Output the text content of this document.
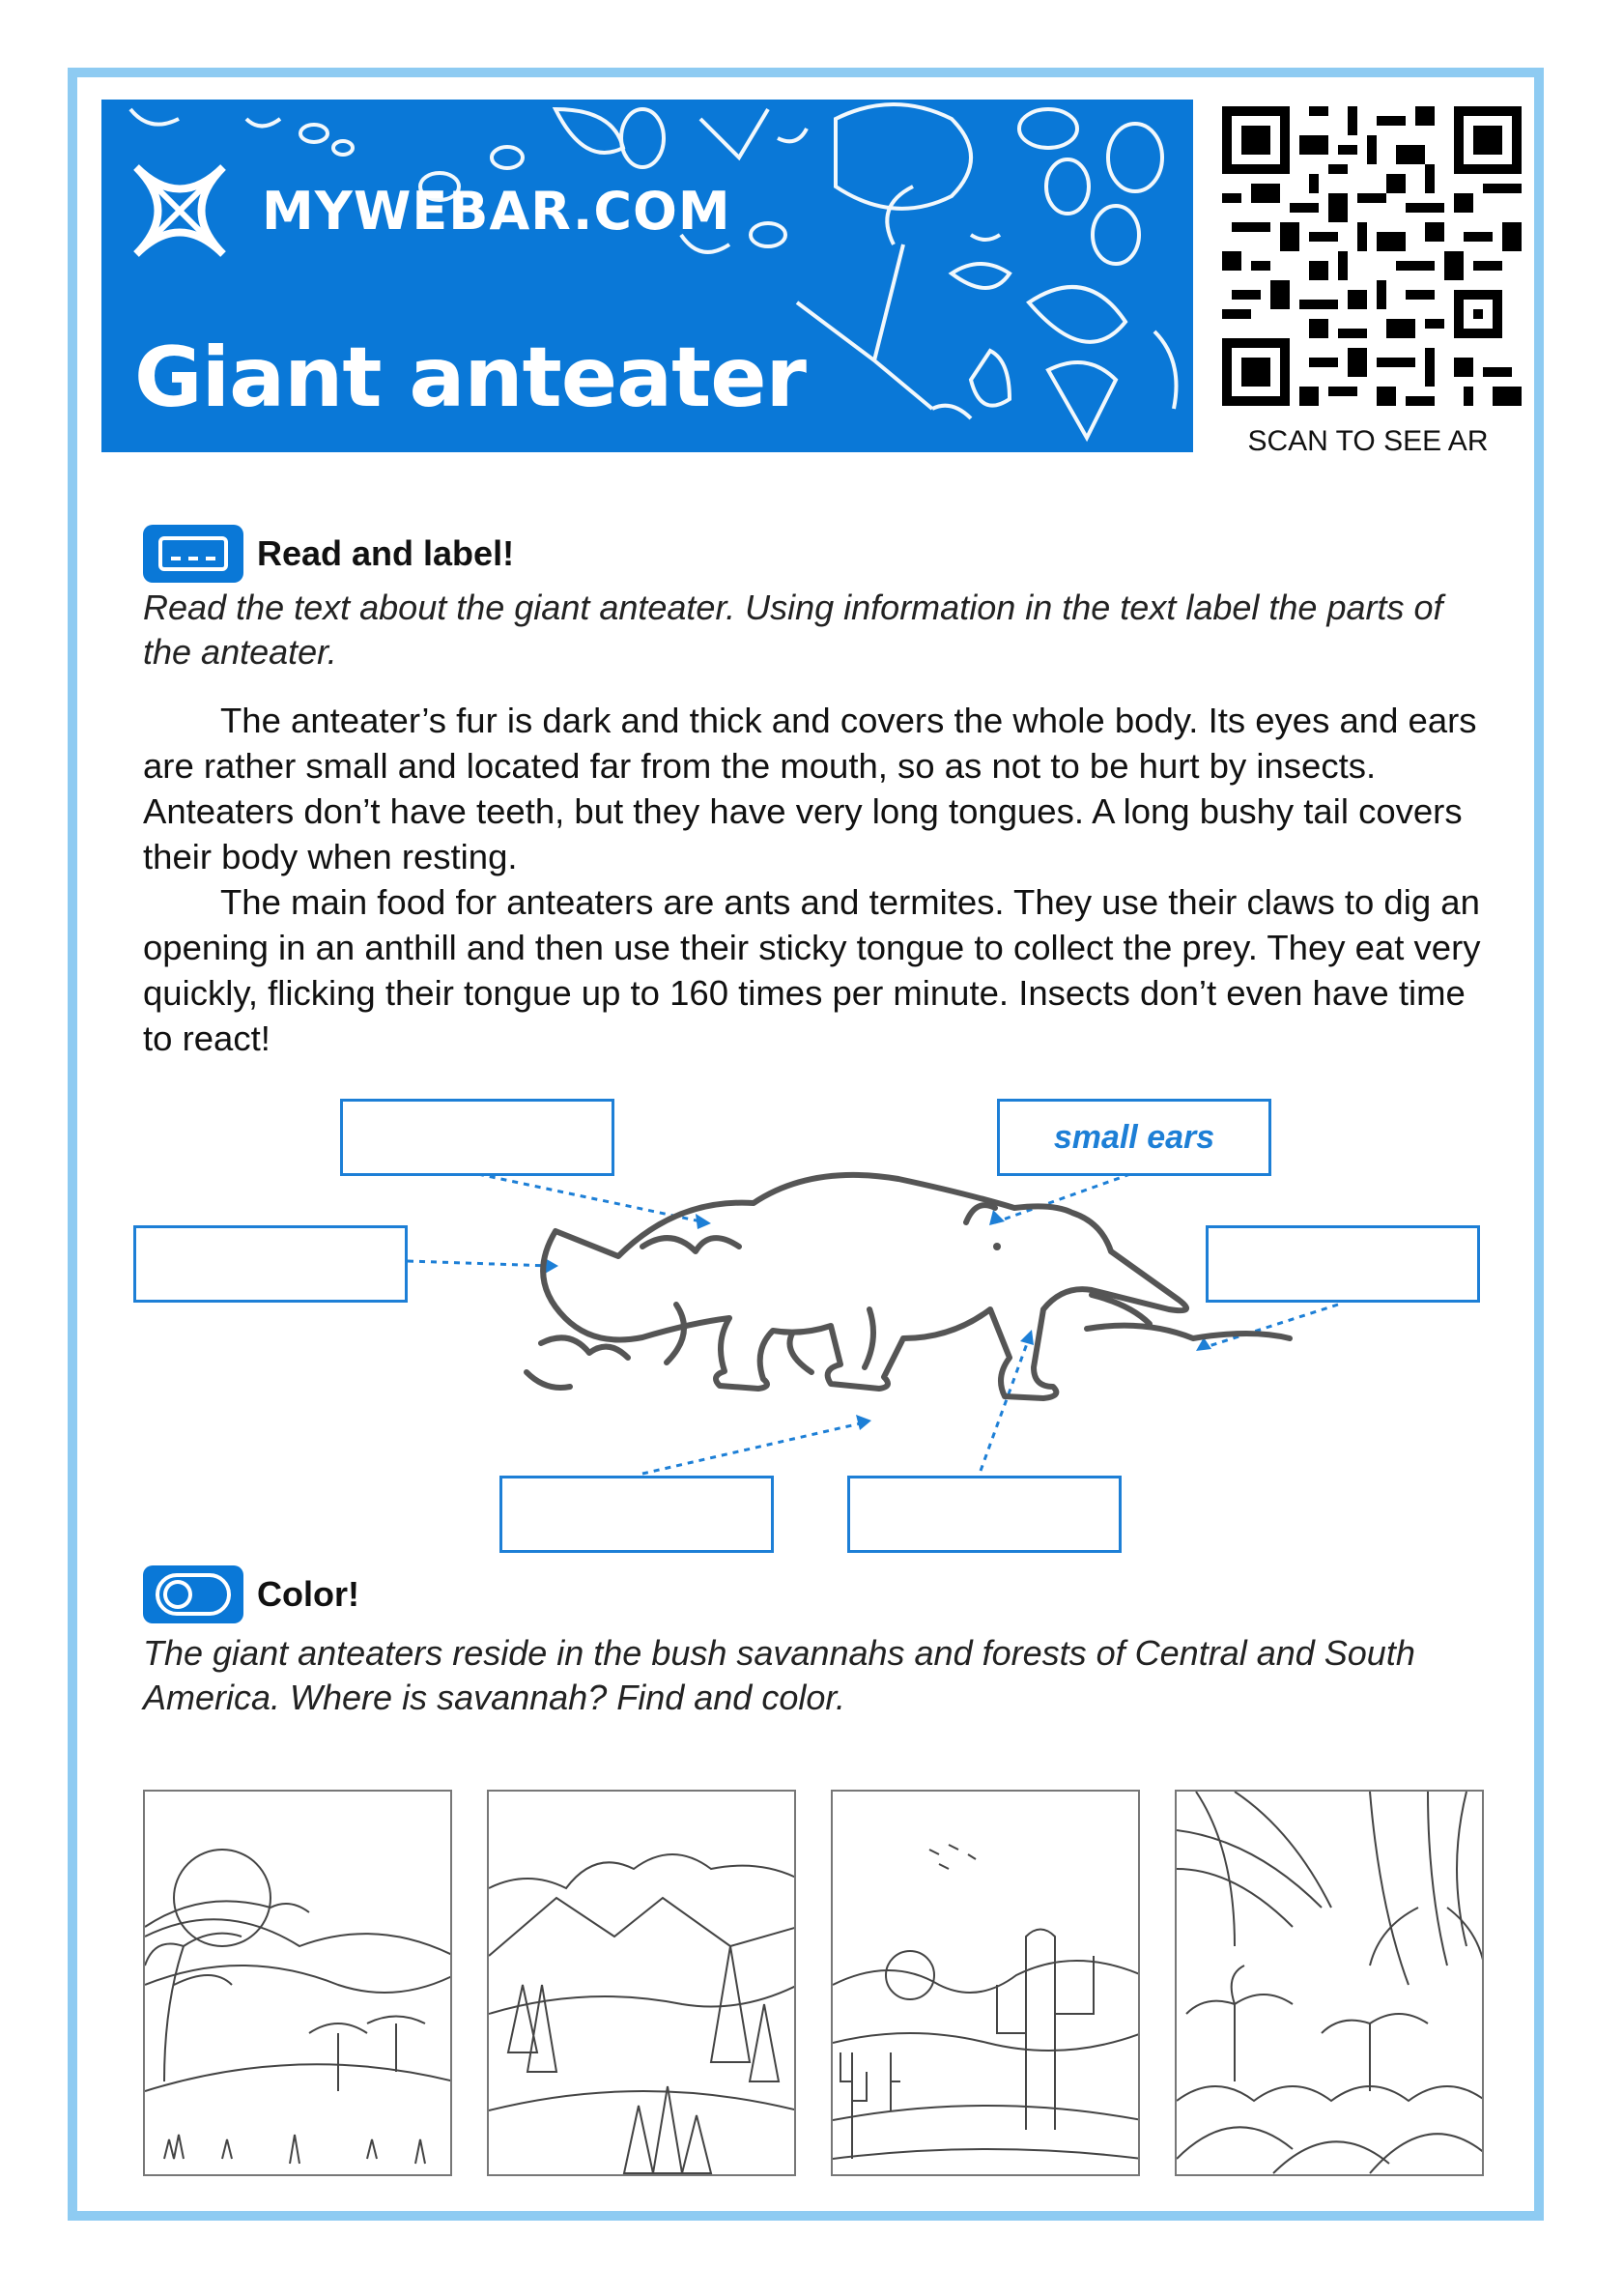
MYWEBAR.COM
Giant anteater
SCAN TO SEE AR
Read and label!

Read the text about the giant anteater. Using information in the text label the parts of the anteater.

The anteater’s fur is dark and thick and covers the whole body. Its eyes and ears are rather small and located far from the mouth, so as not to be hurt by insects. Anteaters don’t have teeth, but they have very long tongues. A long bushy tail covers their body when resting.

The main food for anteaters are ants and termites. They use their claws to dig an opening in an anthill and then use their sticky tongue to collect the prey. They eat very quickly, flicking their tongue up to 160 times per minute. Insects don’t even have time to react!

small ears
Color!

The giant anteaters reside in the bush savannahs and forests of Central and South America. Where is savannah? Find and color.
